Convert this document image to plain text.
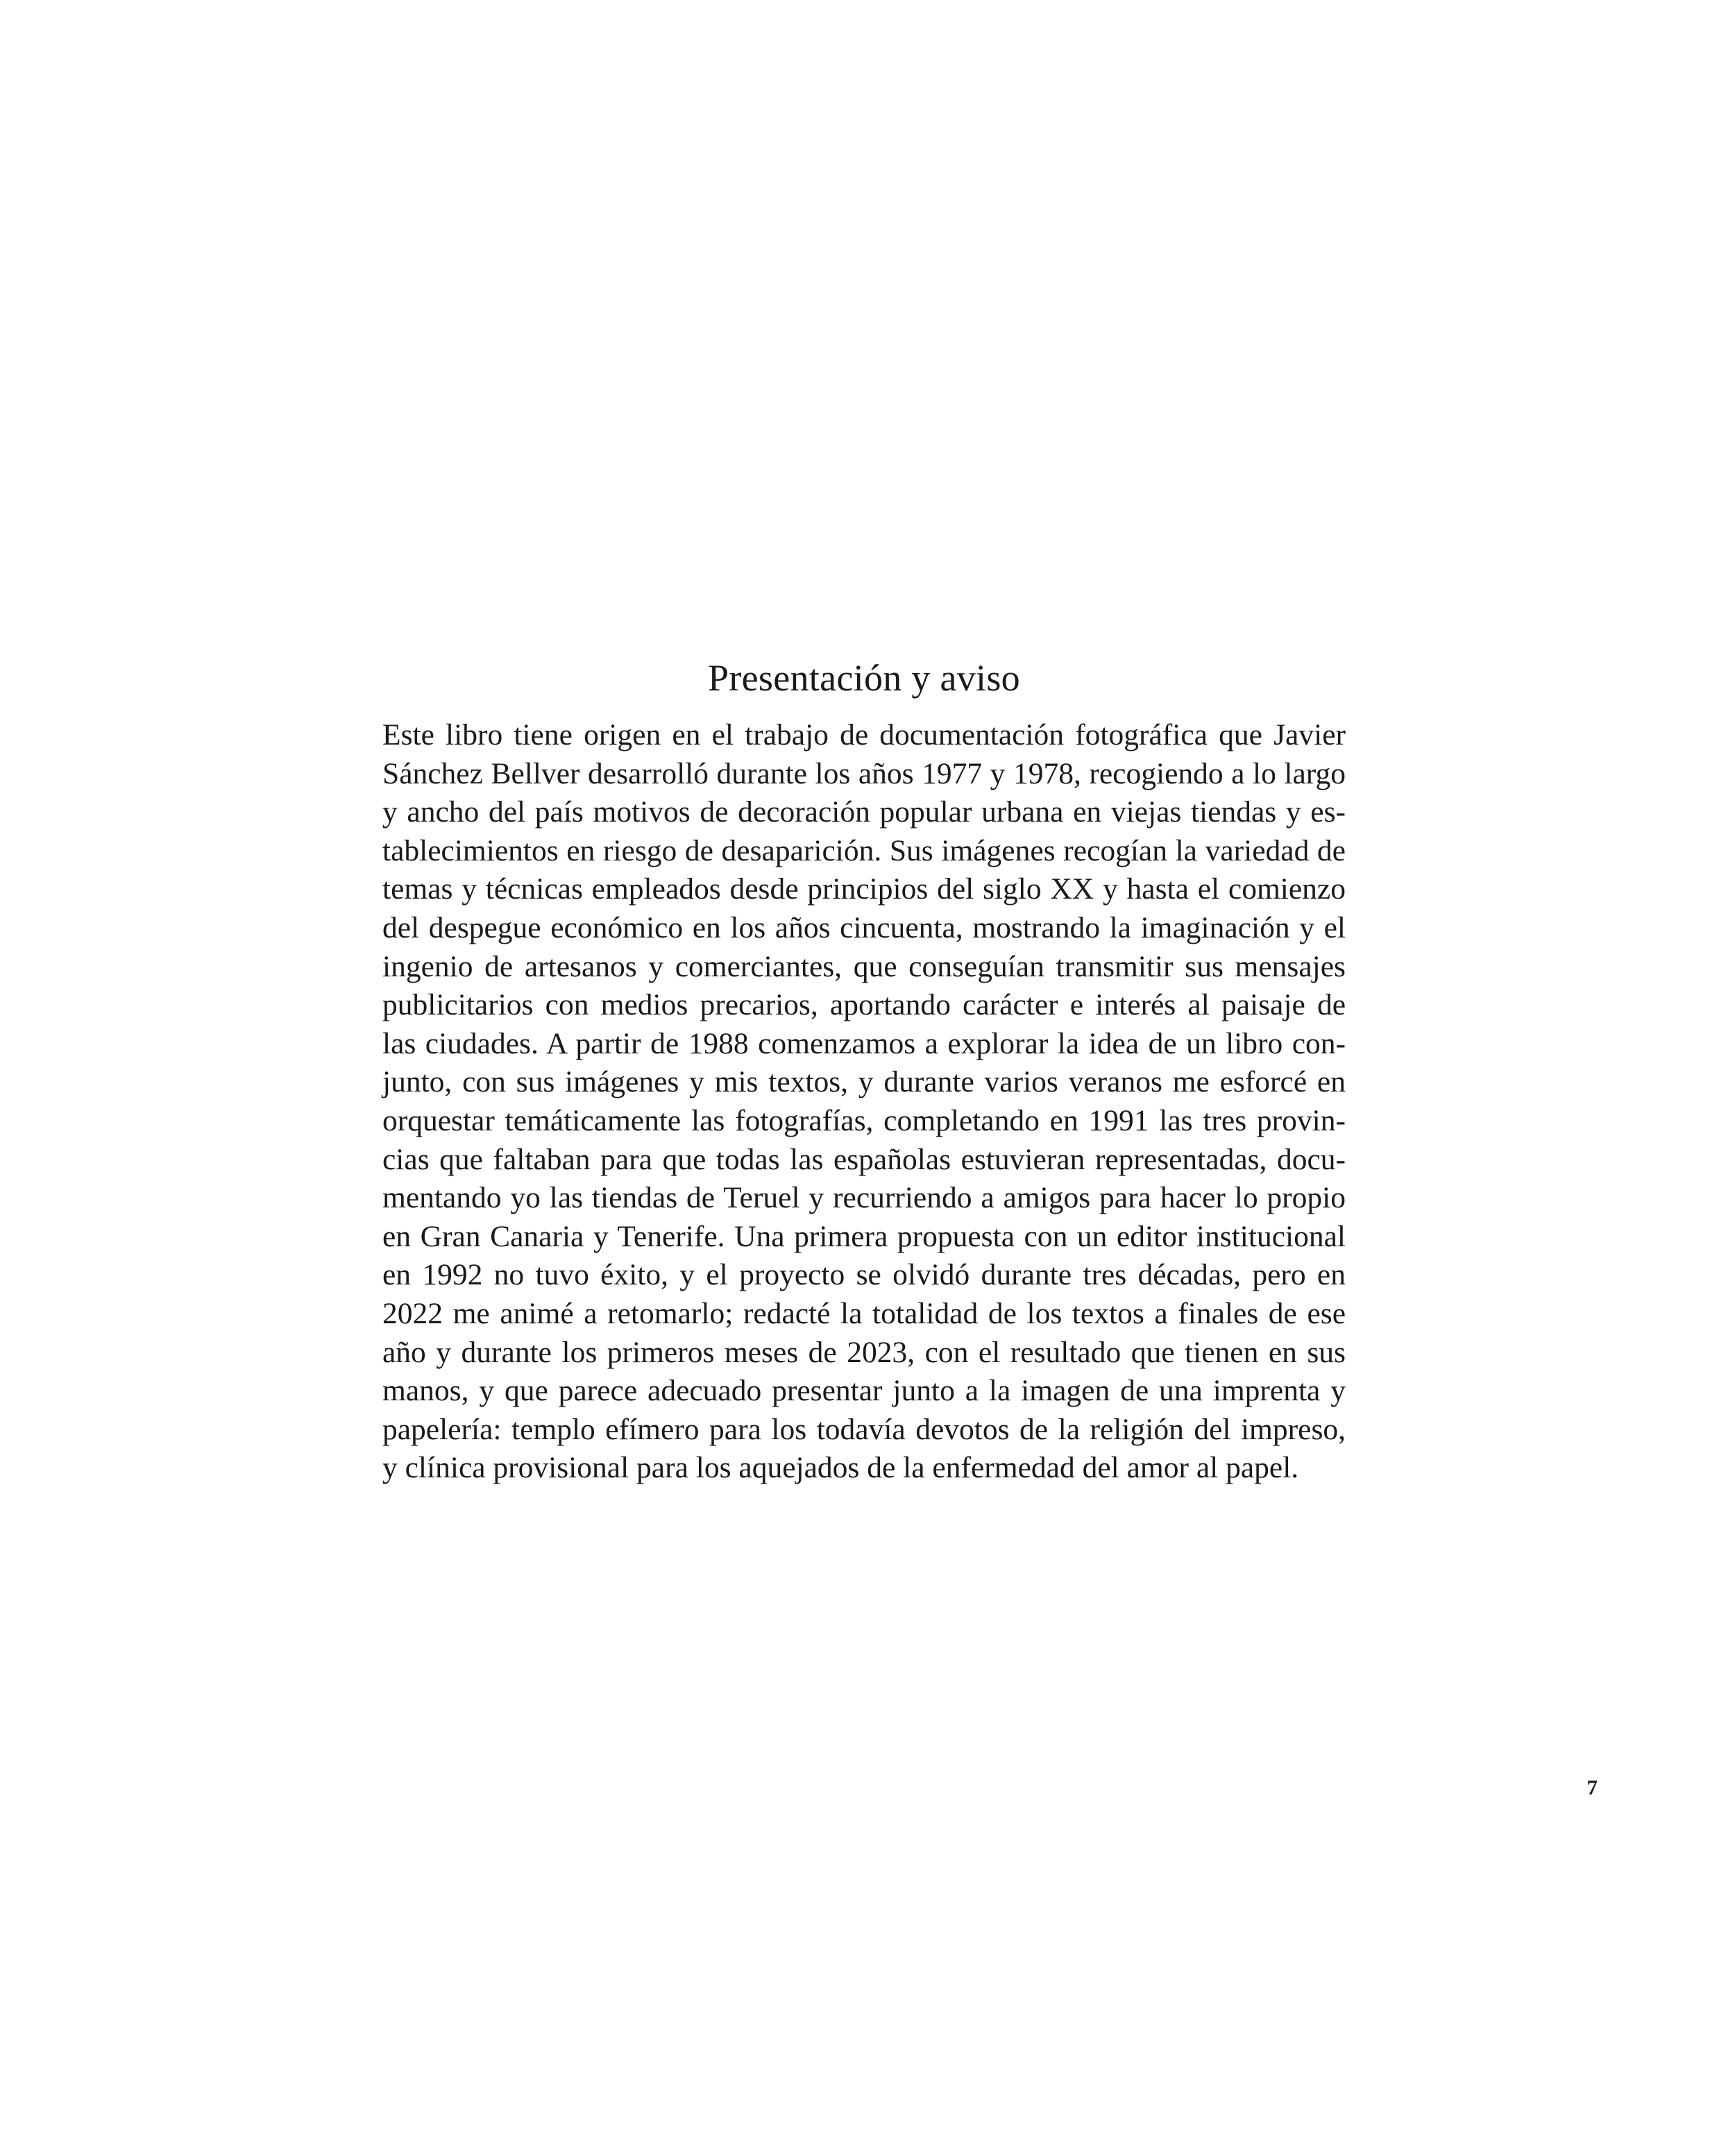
Presentación y aviso
Este libro tiene origen en el trabajo de documentación fotográfica que Javier
Sánchez Bellver desarrolló durante los años 1977 y 1978, recogiendo a lo largo
y ancho del país motivos de decoración popular urbana en viejas tiendas y es-
tablecimientos en riesgo de desaparición. Sus imágenes recogían la variedad de
temas y técnicas empleados desde principios del siglo XX y hasta el comienzo
del despegue económico en los años cincuenta, mostrando la imaginación y el
ingenio de artesanos y comerciantes, que conseguían transmitir sus mensajes
publicitarios con medios precarios, aportando carácter e interés al paisaje de
las ciudades. A partir de 1988 comenzamos a explorar la idea de un libro con-
junto, con sus imágenes y mis textos, y durante varios veranos me esforcé en
orquestar temáticamente las fotografías, completando en 1991 las tres provin-
cias que faltaban para que todas las españolas estuvieran representadas, docu-
mentando yo las tiendas de Teruel y recurriendo a amigos para hacer lo propio
en Gran Canaria y Tenerife. Una primera propuesta con un editor institucional
en 1992 no tuvo éxito, y el proyecto se olvidó durante tres décadas, pero en
2022 me animé a retomarlo; redacté la totalidad de los textos a finales de ese
año y durante los primeros meses de 2023, con el resultado que tienen en sus
manos, y que parece adecuado presentar junto a la imagen de una imprenta y
papelería: templo efímero para los todavía devotos de la religión del impreso,
y clínica provisional para los aquejados de la enfermedad del amor al papel.
7
